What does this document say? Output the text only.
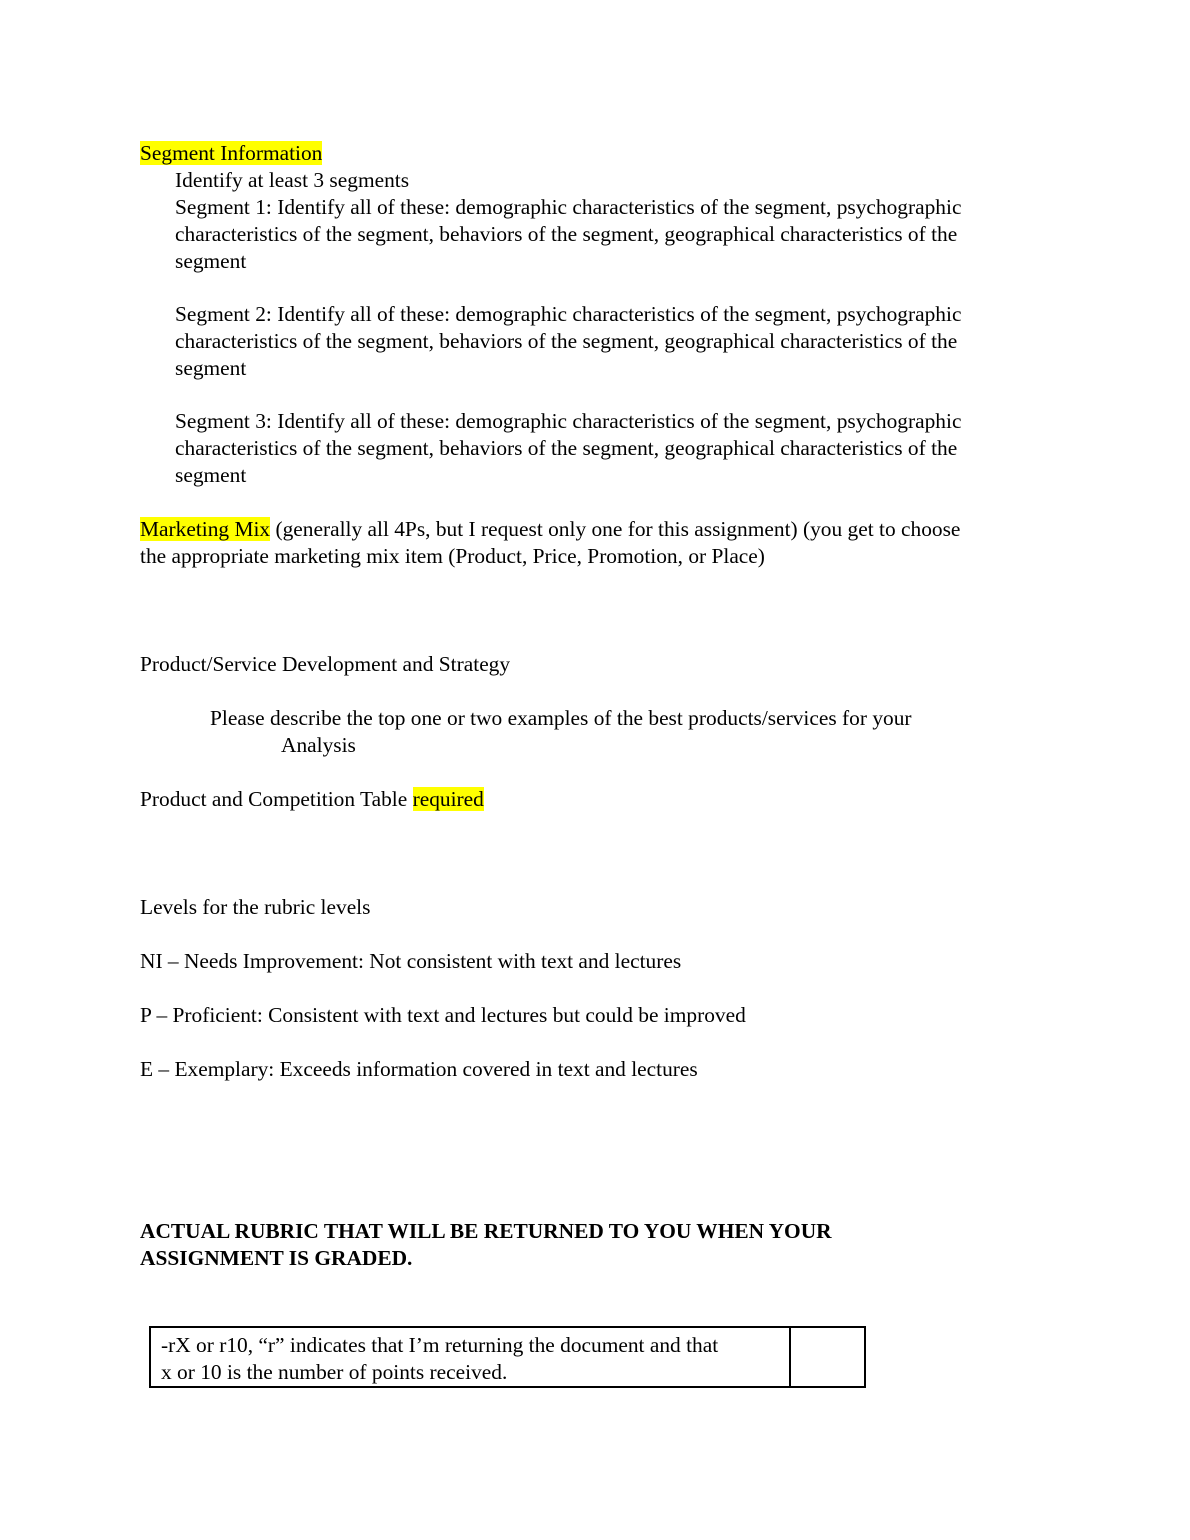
Segment Information

Identify at least 3 segments

Segment 1: Identify all of these: demographic characteristics of the segment, psychographic

characteristics of the segment, behaviors of the segment, geographical characteristics of the

segment

Segment 2: Identify all of these: demographic characteristics of the segment, psychographic

characteristics of the segment, behaviors of the segment, geographical characteristics of the

segment

Segment 3: Identify all of these: demographic characteristics of the segment, psychographic

characteristics of the segment, behaviors of the segment, geographical characteristics of the

segment

Marketing Mix (generally all 4Ps, but I request only one for this assignment) (you get to choose

the appropriate marketing mix item (Product, Price, Promotion, or Place)

Product/Service Development and Strategy

Please describe the top one or two examples of the best products/services for your

Analysis

Product and Competition Table required

Levels for the rubric levels

NI – Needs Improvement: Not consistent with text and lectures

P – Proficient: Consistent with text and lectures but could be improved

E – Exemplary: Exceeds information covered in text and lectures

ACTUAL RUBRIC THAT WILL BE RETURNED TO YOU WHEN YOUR

ASSIGNMENT IS GRADED.

-rX or r10, “r” indicates that I’m returning the document and that
x or 10 is the number of points received.
